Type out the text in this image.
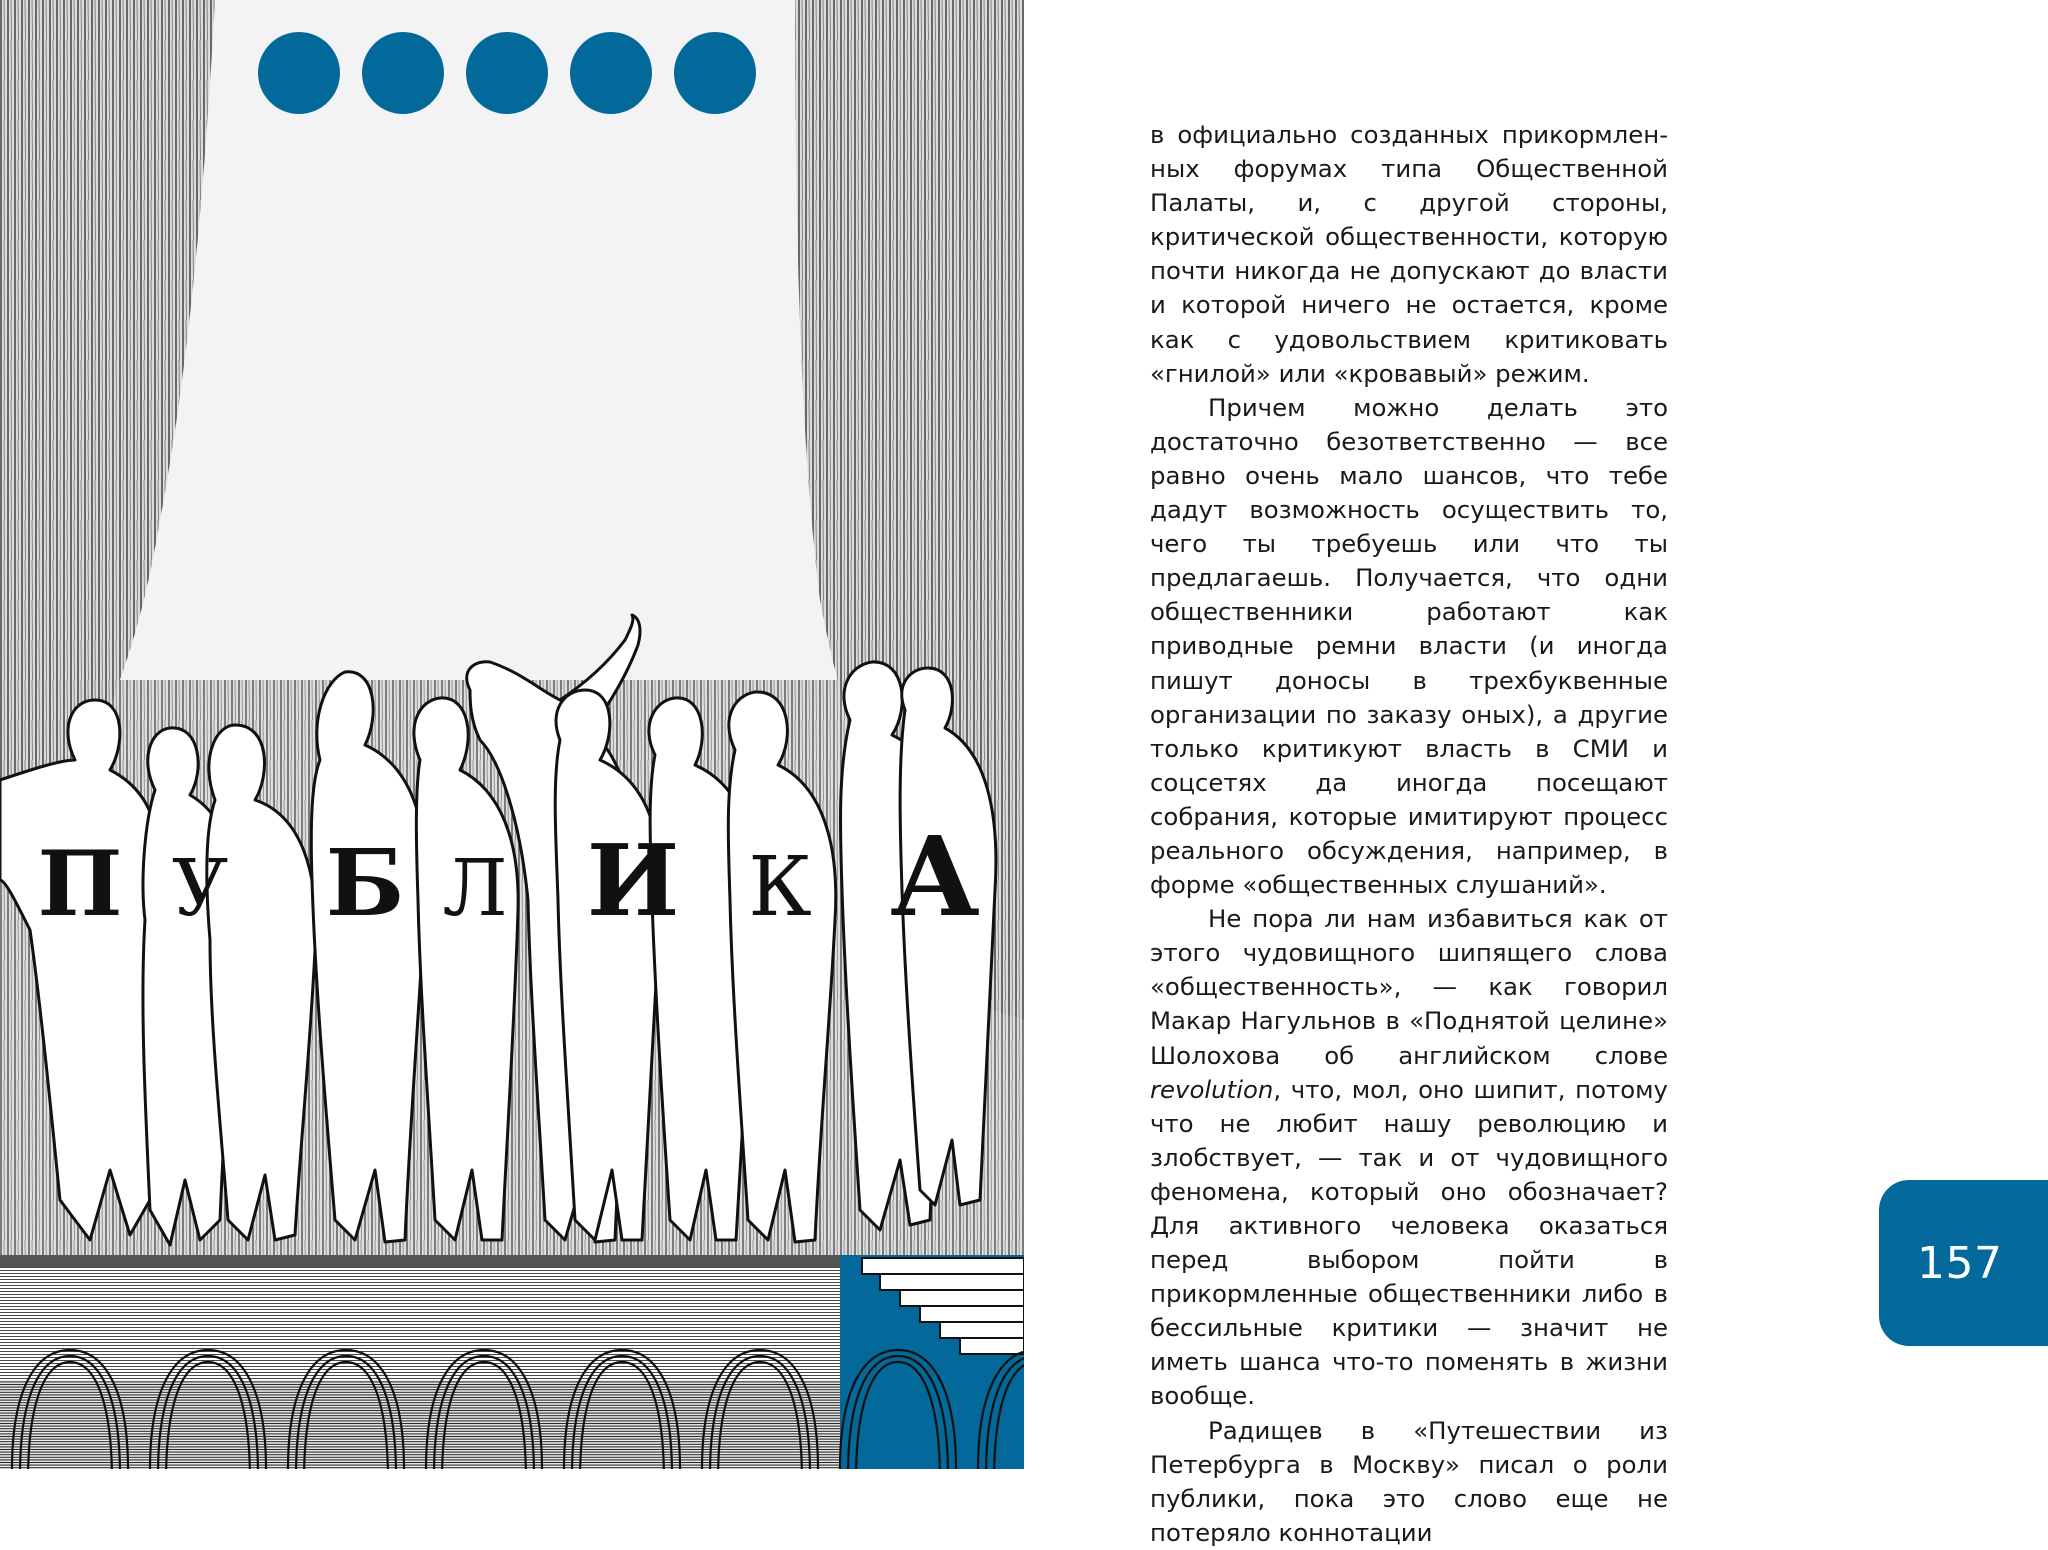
П У Б Л И К А

в официально созданных прикормленных форумах типа Общественной Палаты, и, с другой стороны, критической общественности, которую почти никогда не допускают до власти и которой ничего не остается, кроме как с удовольствием критиковать «гнилой» или «кровавый» режим.

Причем можно делать это достаточно безответственно — все равно очень мало шансов, что тебе дадут возможность осуществить то, чего ты требуешь или что ты предлагаешь. Получается, что одни общественники работают как приводные ремни власти (и иногда пишут доносы в трехбуквенные организации по заказу оных), а другие только критикуют власть в СМИ и соцсетях да иногда посещают собрания, которые имитируют процесс реального обсуждения, например, в форме «общественных слушаний».

Не пора ли нам избавиться как от этого чудовищного шипящего слова «общественность», — как говорил Макар Нагульнов в «Поднятой целине» Шолохова об английском слове revolution, что, мол, оно шипит, потому что не любит нашу революцию и злобствует, — так и от чудовищного феномена, который оно обозначает? Для активного человека оказаться перед выбором пойти в прикормленные общественники либо в бессильные критики — значит не иметь шанса что-то поменять в жизни вообще.

Радищев в «Путешествии из Петербурга в Москву» писал о роли публики, пока это слово еще не потеряло коннотации

157
